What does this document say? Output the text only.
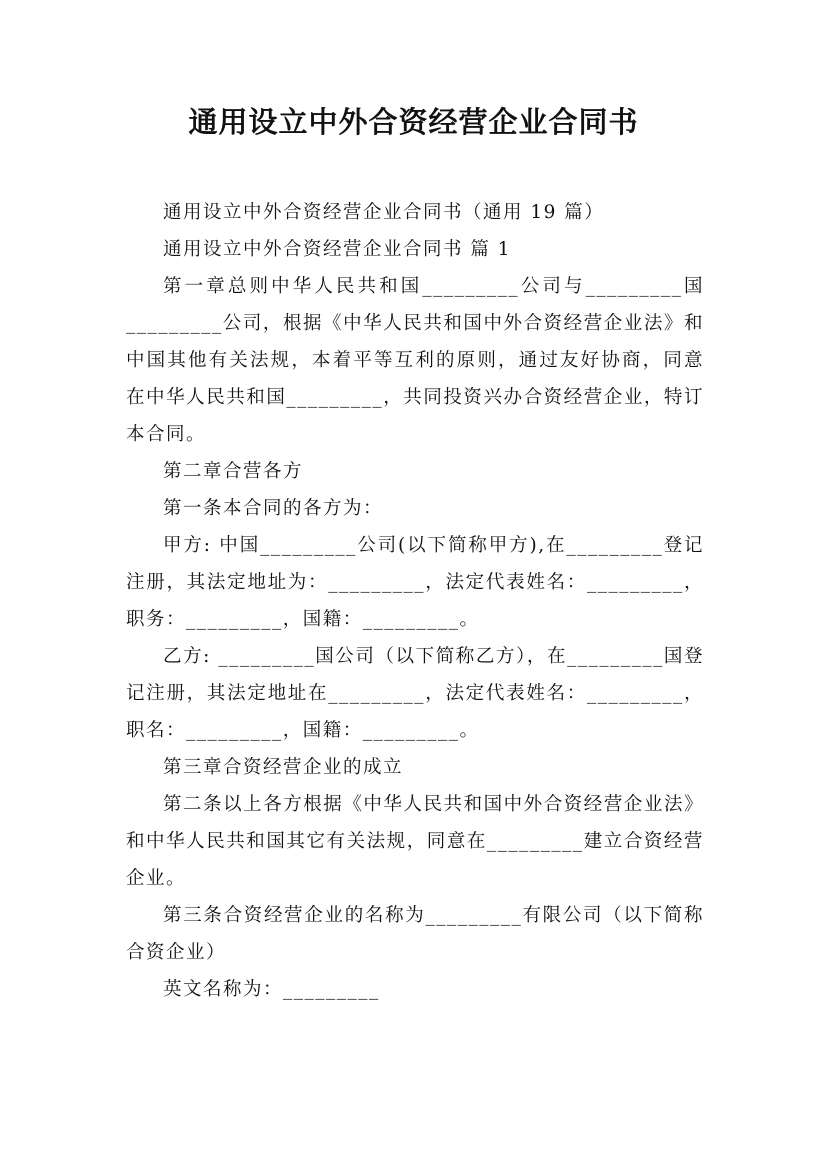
通用设立中外合资经营企业合同书

通用设立中外合资经营企业合同书（通用 19 篇）

通用设立中外合资经营企业合同书 篇 1

第一章总则中华人民共和国_________公司与_________国_________公司，根据《中华人民共和国中外合资经营企业法》和中国其他有关法规，本着平等互利的原则，通过友好协商，同意在中华人民共和国_________，共同投资兴办合资经营企业，特订本合同。

第二章合营各方

第一条本合同的各方为：

甲方: 中国_________公司(以下简称甲方),在_________登记注册，其法定地址为：_________，法定代表姓名：_________，职务：_________，国籍：_________。

乙方: _________国公司（以下简称乙方），在_________国登记注册，其法定地址在_________，法定代表姓名：_________，职名：_________，国籍：_________。

第三章合资经营企业的成立

第二条以上各方根据《中华人民共和国中外合资经营企业法》和中华人民共和国其它有关法规，同意在_________建立合资经营企业。

第三条合资经营企业的名称为_________有限公司（以下简称合资企业）

英文名称为：_________
